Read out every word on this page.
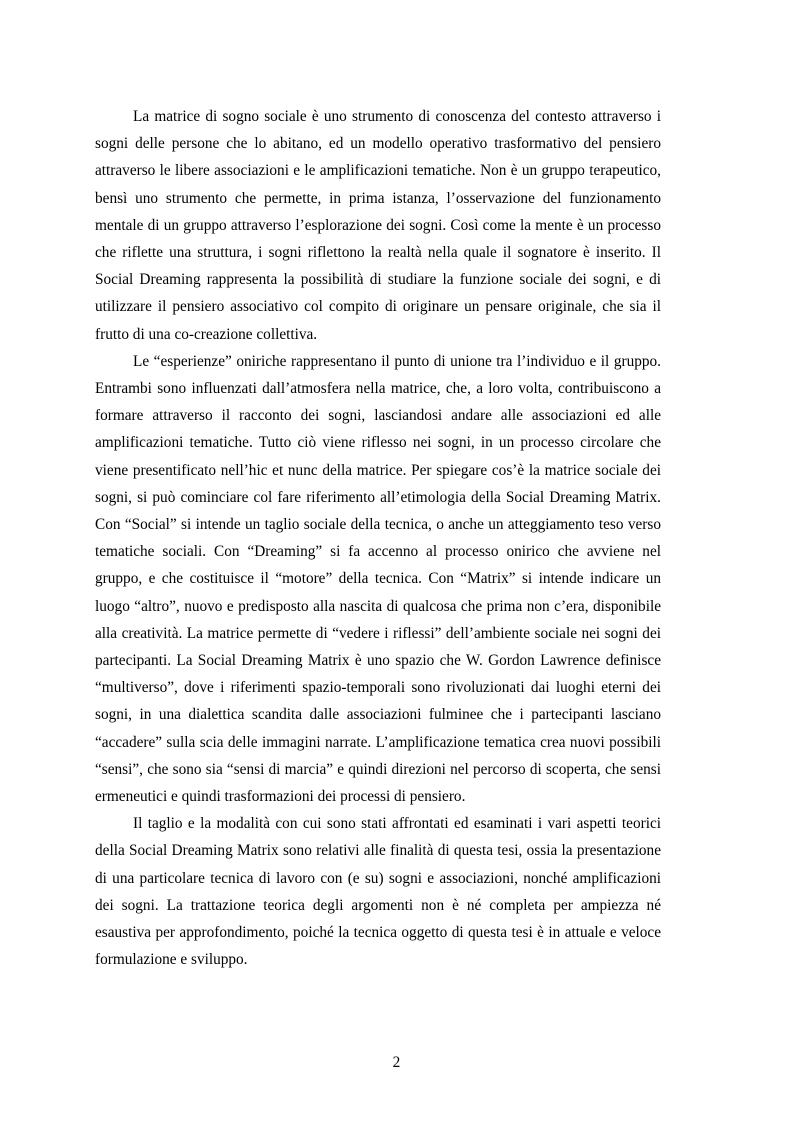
La matrice di sogno sociale è uno strumento di conoscenza del contesto attraverso i sogni delle persone che lo abitano, ed un modello operativo trasformativo del pensiero attraverso le libere associazioni e le amplificazioni tematiche. Non è un gruppo terapeutico, bensì uno strumento che permette, in prima istanza, l’osservazione del funzionamento mentale di un gruppo attraverso l’esplorazione dei sogni. Così come la mente è un processo che riflette una struttura, i sogni riflettono la realtà nella quale il sognatore è inserito. Il Social Dreaming rappresenta la possibilità di studiare la funzione sociale dei sogni, e di utilizzare il pensiero associativo col compito di originare un pensare originale, che sia il frutto di una co-creazione collettiva.

Le “esperienze” oniriche rappresentano il punto di unione tra l’individuo e il gruppo. Entrambi sono influenzati dall’atmosfera nella matrice, che, a loro volta, contribuiscono a formare attraverso il racconto dei sogni, lasciandosi andare alle associazioni ed alle amplificazioni tematiche. Tutto ciò viene riflesso nei sogni, in un processo circolare che viene presentificato nell’hic et nunc della matrice. Per spiegare cos’è la matrice sociale dei sogni, si può cominciare col fare riferimento all’etimologia della Social Dreaming Matrix. Con “Social” si intende un taglio sociale della tecnica, o anche un atteggiamento teso verso tematiche sociali. Con “Dreaming” si fa accenno al processo onirico che avviene nel gruppo, e che costituisce il “motore” della tecnica. Con “Matrix” si intende indicare un luogo “altro”, nuovo e predisposto alla nascita di qualcosa che prima non c’era, disponibile alla creatività. La matrice permette di “vedere i riflessi” dell’ambiente sociale nei sogni dei partecipanti. La Social Dreaming Matrix è uno spazio che W. Gordon Lawrence definisce “multiverso”, dove i riferimenti spazio-temporali sono rivoluzionati dai luoghi eterni dei sogni, in una dialettica scandita dalle associazioni fulminee che i partecipanti lasciano “accadere” sulla scia delle immagini narrate. L’amplificazione tematica crea nuovi possibili “sensi”, che sono sia “sensi di marcia” e quindi direzioni nel percorso di scoperta, che sensi ermeneutici e quindi trasformazioni dei processi di pensiero.

Il taglio e la modalità con cui sono stati affrontati ed esaminati i vari aspetti teorici della Social Dreaming Matrix sono relativi alle finalità di questa tesi, ossia la presentazione di una particolare tecnica di lavoro con (e su) sogni e associazioni, nonché amplificazioni dei sogni. La trattazione teorica degli argomenti non è né completa per ampiezza né esaustiva per approfondimento, poiché la tecnica oggetto di questa tesi è in attuale e veloce formulazione e sviluppo.

2
